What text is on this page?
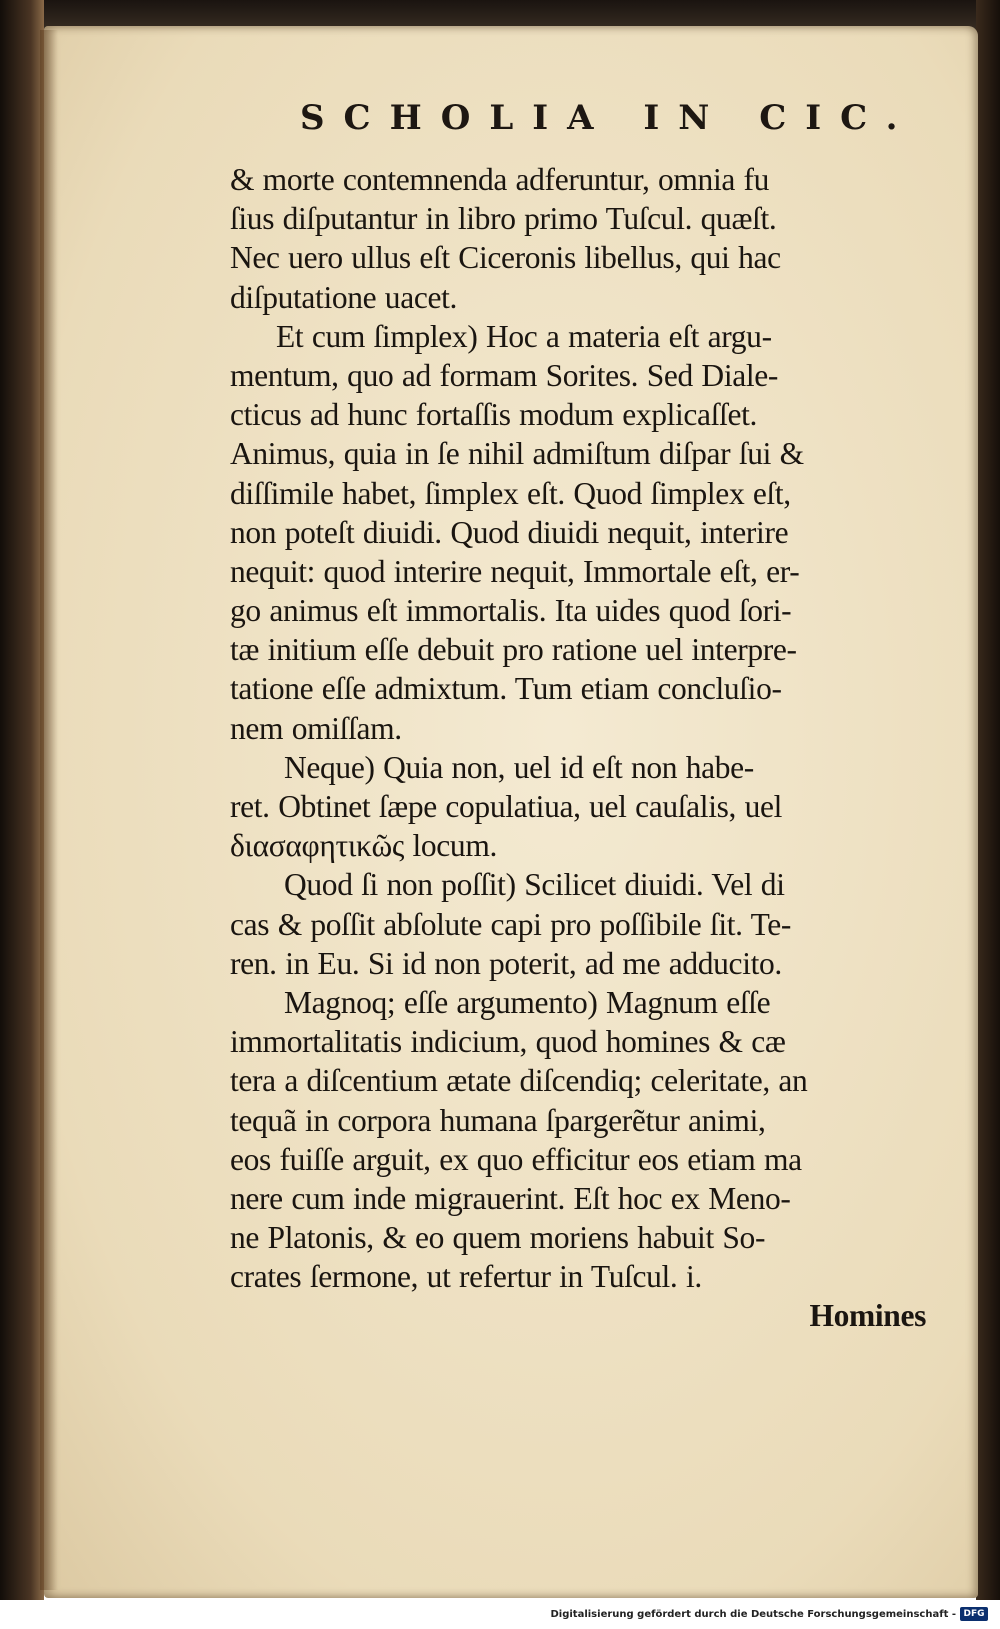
SCHOLIA IN CIC.
& morte contemnenda adferuntur, omnia fu
ſius diſputantur in libro primo Tuſcul. quæſt.
Nec uero ullus eſt Ciceronis libellus, qui hac
diſputatione uacet.
Et cum ſimplex) Hoc a materia eſt argu-
mentum, quo ad formam Sorites. Sed Diale-
cticus ad hunc fortaſſis modum explicaſſet.
Animus, quia in ſe nihil admiſtum diſpar ſui &
diſſimile habet, ſimplex eſt. Quod ſimplex eſt,
non poteſt diuidi. Quod diuidi nequit, interire
nequit: quod interire nequit, Immortale eſt, er-
go animus eſt immortalis. Ita uides quod ſori-
tæ initium eſſe debuit pro ratione uel interpre-
tatione eſſe admixtum. Tum etiam concluſio-
nem omiſſam.
Neque) Quia non, uel id eſt non habe-
ret. Obtinet ſæpe copulatiua, uel cauſalis, uel
διασαφητικῶς locum.
Quod ſi non poſſit) Scilicet diuidi. Vel di
cas & poſſit abſolute capi pro poſſibile ſit. Te-
ren. in Eu. Si id non poterit, ad me adducito.
Magnoq; eſſe argumento) Magnum eſſe
immortalitatis indicium, quod homines & cæ
tera a diſcentium ætate diſcendiq; celeritate, an
tequã in corpora humana ſpargerẽtur animi,
eos fuiſſe arguit, ex quo efficitur eos etiam ma
nere cum inde migrauerint. Eſt hoc ex Meno-
ne Platonis, & eo quem moriens habuit So-
crates ſermone, ut refertur in Tuſcul. i.
Homines
Digitalisierung gefördert durch die Deutsche Forschungsgemeinschaft - DFG
